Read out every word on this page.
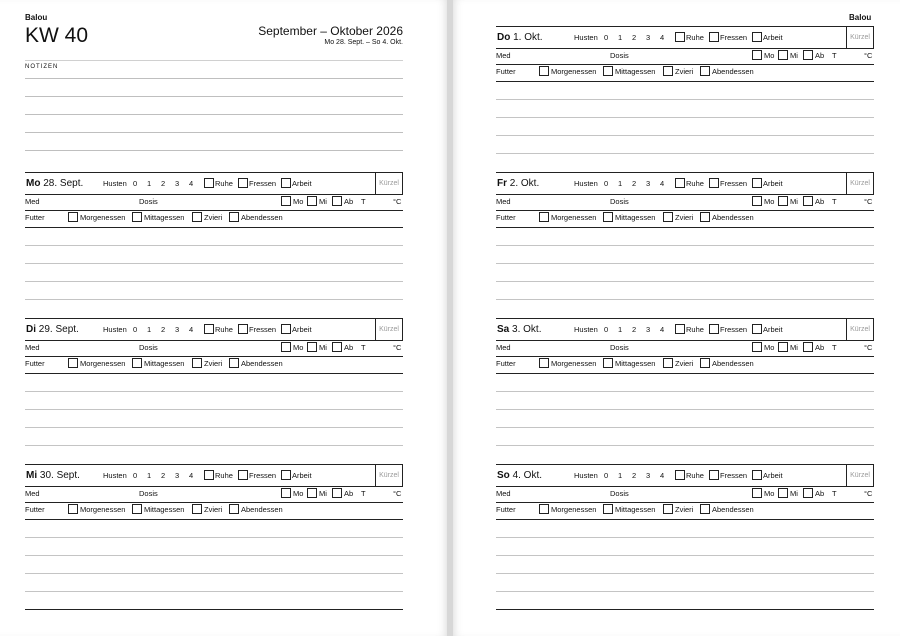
Balou
KW 40	September – Oktober 2026
Mo 28. Sept. – So 4. Okt.
NOTIZEN
Mo 28. Sept.	Husten 0 1 2 3 4	Ruhe Fressen Arbeit	Kürzel
Med	Dosis	Mo Mi Ab T	°C
Futter	Morgenessen Mittagessen	Zvieri Abendessen
Di 29. Sept.	Husten 0 1 2 3 4	Ruhe Fressen Arbeit	Kürzel
Med	Dosis	Mo Mi Ab T	°C
Futter	Morgenessen Mittagessen	Zvieri Abendessen
Mi 30. Sept.	Husten 0 1 2 3 4	Ruhe Fressen Arbeit	Kürzel
Med	Dosis	Mo Mi Ab T	°C
Futter	Morgenessen Mittagessen	Zvieri Abendessen
Balou
Do 1. Okt.	Husten 0 1 2 3 4	Ruhe Fressen Arbeit	Kürzel
Med	Dosis	Mo Mi Ab T	°C
Futter	Morgenessen Mittagessen	Zvieri Abendessen
Fr 2. Okt.	Husten 0 1 2 3 4	Ruhe Fressen Arbeit	Kürzel
Med	Dosis	Mo Mi Ab T	°C
Futter	Morgenessen Mittagessen	Zvieri Abendessen
Sa 3. Okt.	Husten 0 1 2 3 4	Ruhe Fressen Arbeit	Kürzel
Med	Dosis	Mo Mi Ab T	°C
Futter	Morgenessen Mittagessen	Zvieri Abendessen
So 4. Okt.	Husten 0 1 2 3 4	Ruhe Fressen Arbeit	Kürzel
Med	Dosis	Mo Mi Ab T	°C
Futter	Morgenessen Mittagessen	Zvieri Abendessen
